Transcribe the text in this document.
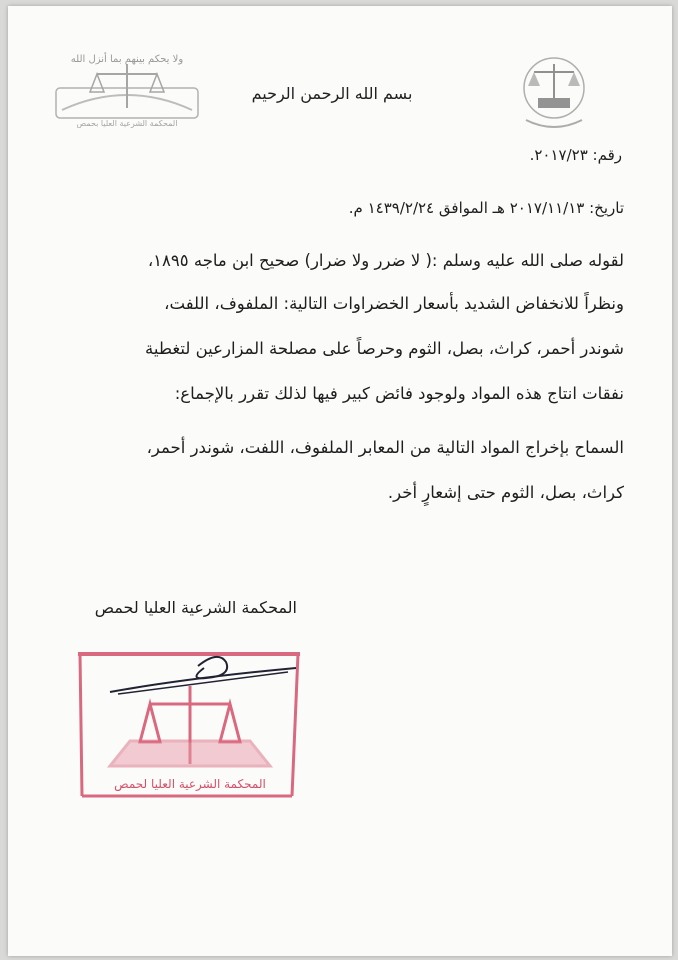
ولا يحكم بينهم بما أنزل الله
المحكمة الشرعية العليا بحمص
بسم الله الرحمن الرحيم
رقم: ٢٠١٧/٢٣.
تاريخ: ٢٠١٧/١١/١٣ هـ الموافق ١٤٣٩/٢/٢٤ م.
لقوله صلى الله عليه وسلم :( لا ضرر ولا ضرار) صحيح ابن ماجه ١٨٩٥،
ونظراً للانخفاض الشديد بأسعار الخضراوات التالية: الملفوف، اللفت،
شوندر أحمر، كراث، بصل، الثوم وحرصاً على مصلحة المزارعين لتغطية
نفقات انتاج هذه المواد ولوجود فائض كبير فيها لذلك تقرر بالإجماع:
السماح بإخراج المواد التالية من المعابر الملفوف، اللفت، شوندر أحمر،
كراث، بصل، الثوم حتى إشعارٍ أخر.
المحكمة الشرعية العليا لحمص
المحكمة الشرعية العليا لحمص
